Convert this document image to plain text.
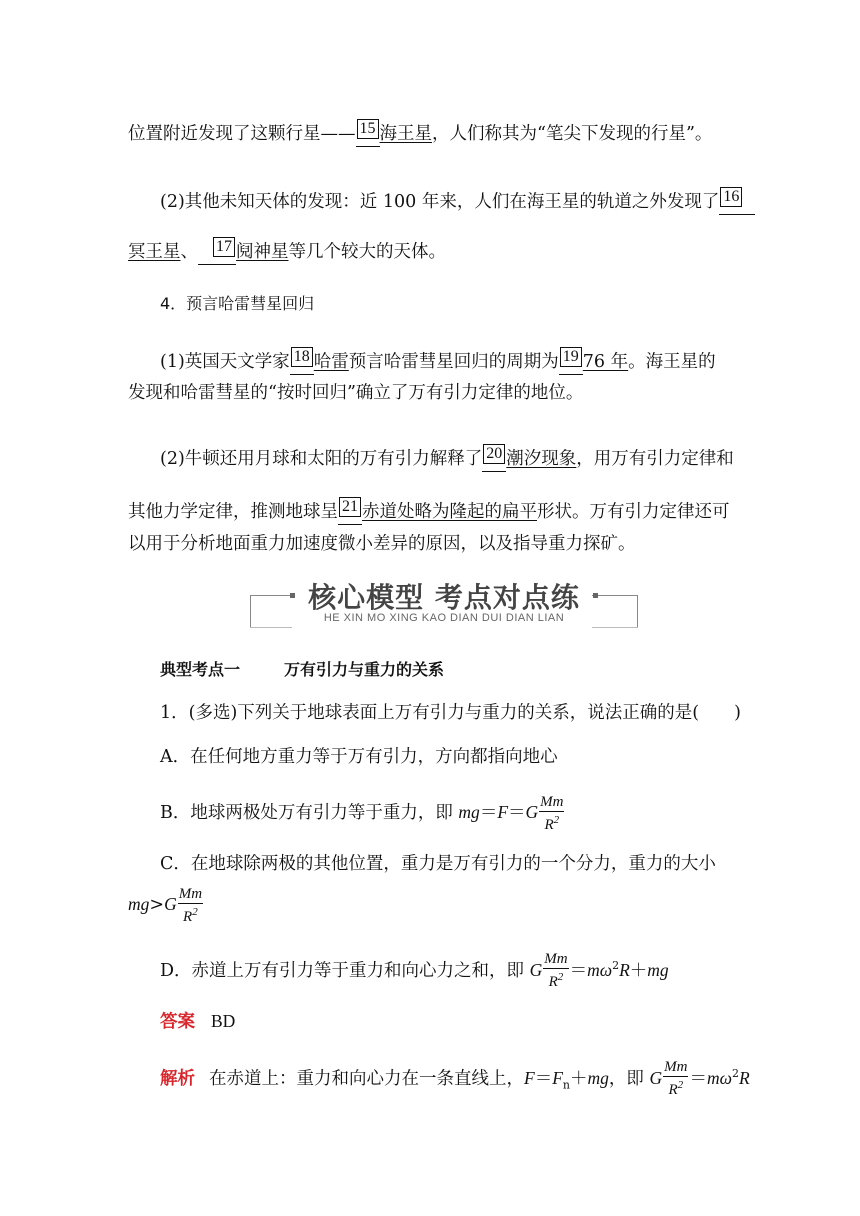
位置附近发现了这颗行星—— 15 海王星，人们称其为“笔尖下发现的行星”。
(2)其他未知天体的发现：近 100 年来，人们在海王星的轨道之外发现了 16
冥王星、 17 阋神星等几个较大的天体。
4．预言哈雷彗星回归
(1)英国天文学家 18 哈雷预言哈雷彗星回归的周期为 19 76 年。海王星的
发现和哈雷彗星的“按时回归”确立了万有引力定律的地位。
(2)牛顿还用月球和太阳的万有引力解释了 20 潮汐现象，用万有引力定律和
其他力学定律，推测地球呈 21 赤道处略为隆起的扁平形状。万有引力定律还可
以用于分析地面重力加速度微小差异的原因，以及指导重力探矿。
核心模型 考点对点练
HE XIN MO XING KAO DIAN DUI DIAN LIAN
典型考点一	万有引力与重力的关系
1．(多选)下列关于地球表面上万有引力与重力的关系，说法正确的是(　　)
A．在任何地方重力等于万有引力，方向都指向地心
B．地球两极处万有引力等于重力，即 $mg=F=G \frac{Mm}{R^2}$
C．在地球除两极的其他位置，重力是万有引力的一个分力，重力的大小
$mg>G \frac{Mm}{R^2}$
D．赤道上万有引力等于重力和向心力之和，即 G $\frac{Mm}{R^2} =m\omega^2R+mg$
答案 BD
解析 在赤道上：重力和向心力在一条直线上，$F=F_n+mg$，即 G $\frac{Mm}{R^2} =m\omega^2R$
